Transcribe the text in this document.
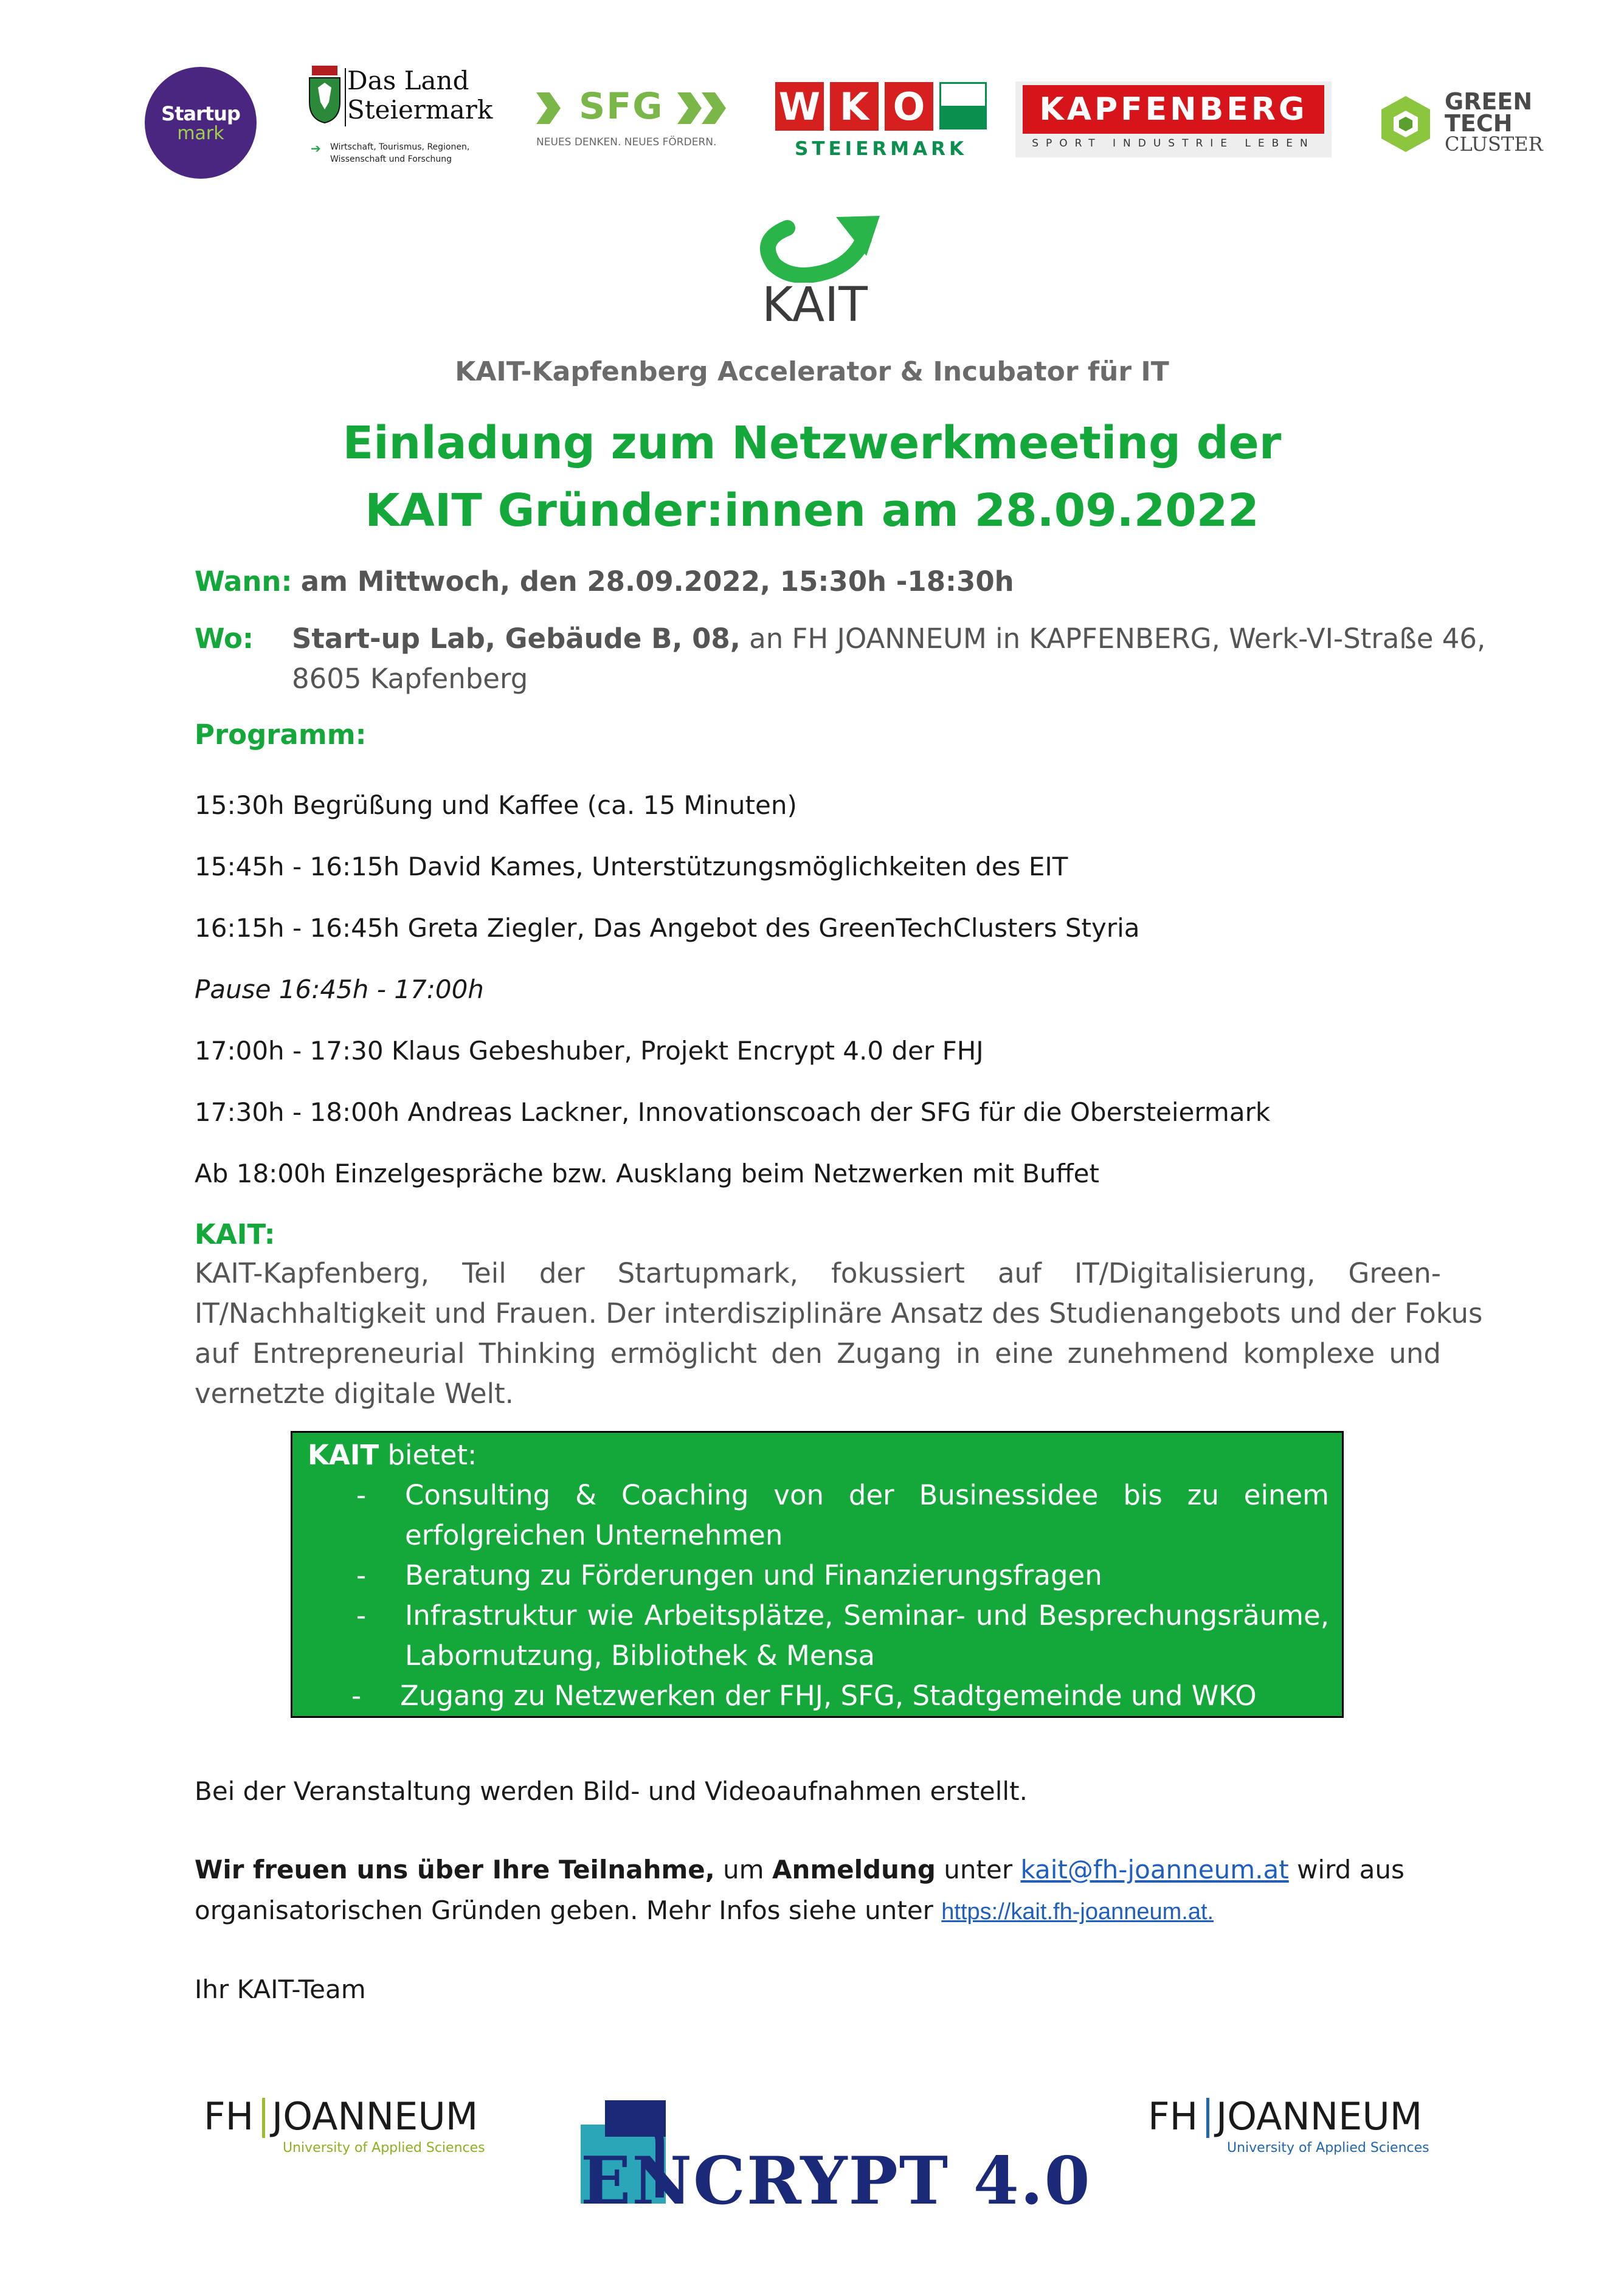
Startup
mark
Das Land
Steiermark
➔ Wirtschaft, Tourismus, Regionen,
Wissenschaft und Forschung
SFG
NEUES DENKEN. NEUES FÖRDERN.
W K O
STEIERMARK
KAPFENBERG
SPORT INDUSTRIE LEBEN
GREEN
TECH
CLUSTER
KAIT
KAIT-Kapfenberg Accelerator & Incubator für IT
Einladung zum Netzwerkmeeting der
KAIT Gründer:innen am 28.09.2022
Wann: am Mittwoch, den 28.09.2022, 15:30h -18:30h
Wo: Start-up Lab, Gebäude B, 08, an FH JOANNEUM in KAPFENBERG, Werk-VI-Straße 46,
8605 Kapfenberg
Programm:
15:30h Begrüßung und Kaffee (ca. 15 Minuten)
15:45h - 16:15h David Kames, Unterstützungsmöglichkeiten des EIT
16:15h - 16:45h Greta Ziegler, Das Angebot des GreenTechClusters Styria
Pause 16:45h - 17:00h
17:00h - 17:30 Klaus Gebeshuber, Projekt Encrypt 4.0 der FHJ
17:30h - 18:00h Andreas Lackner, Innovationscoach der SFG für die Obersteiermark
Ab 18:00h Einzelgespräche bzw. Ausklang beim Netzwerken mit Buffet
KAIT:
KAIT-Kapfenberg, Teil der Startupmark, fokussiert auf IT/Digitalisierung, Green-
IT/Nachhaltigkeit und Frauen. Der interdisziplinäre Ansatz des Studienangebots und der Fokus
auf Entrepreneurial Thinking ermöglicht den Zugang in eine zunehmend komplexe und
vernetzte digitale Welt.
KAIT bietet:
- Consulting & Coaching von der Businessidee bis zu einem
erfolgreichen Unternehmen
- Beratung zu Förderungen und Finanzierungsfragen
- Infrastruktur wie Arbeitsplätze, Seminar- und Besprechungsräume,
Labornutzung, Bibliothek & Mensa
- Zugang zu Netzwerken der FHJ, SFG, Stadtgemeinde und WKO
Bei der Veranstaltung werden Bild- und Videoaufnahmen erstellt.
Wir freuen uns über Ihre Teilnahme, um Anmeldung unter kait@fh-joanneum.at wird aus
organisatorischen Gründen geben. Mehr Infos siehe unter https://kait.fh-joanneum.at.
Ihr KAIT-Team
FH JOANNEUM
University of Applied Sciences ENCRYPT 4.0
FH JOANNEUM
University of Applied Sciences
